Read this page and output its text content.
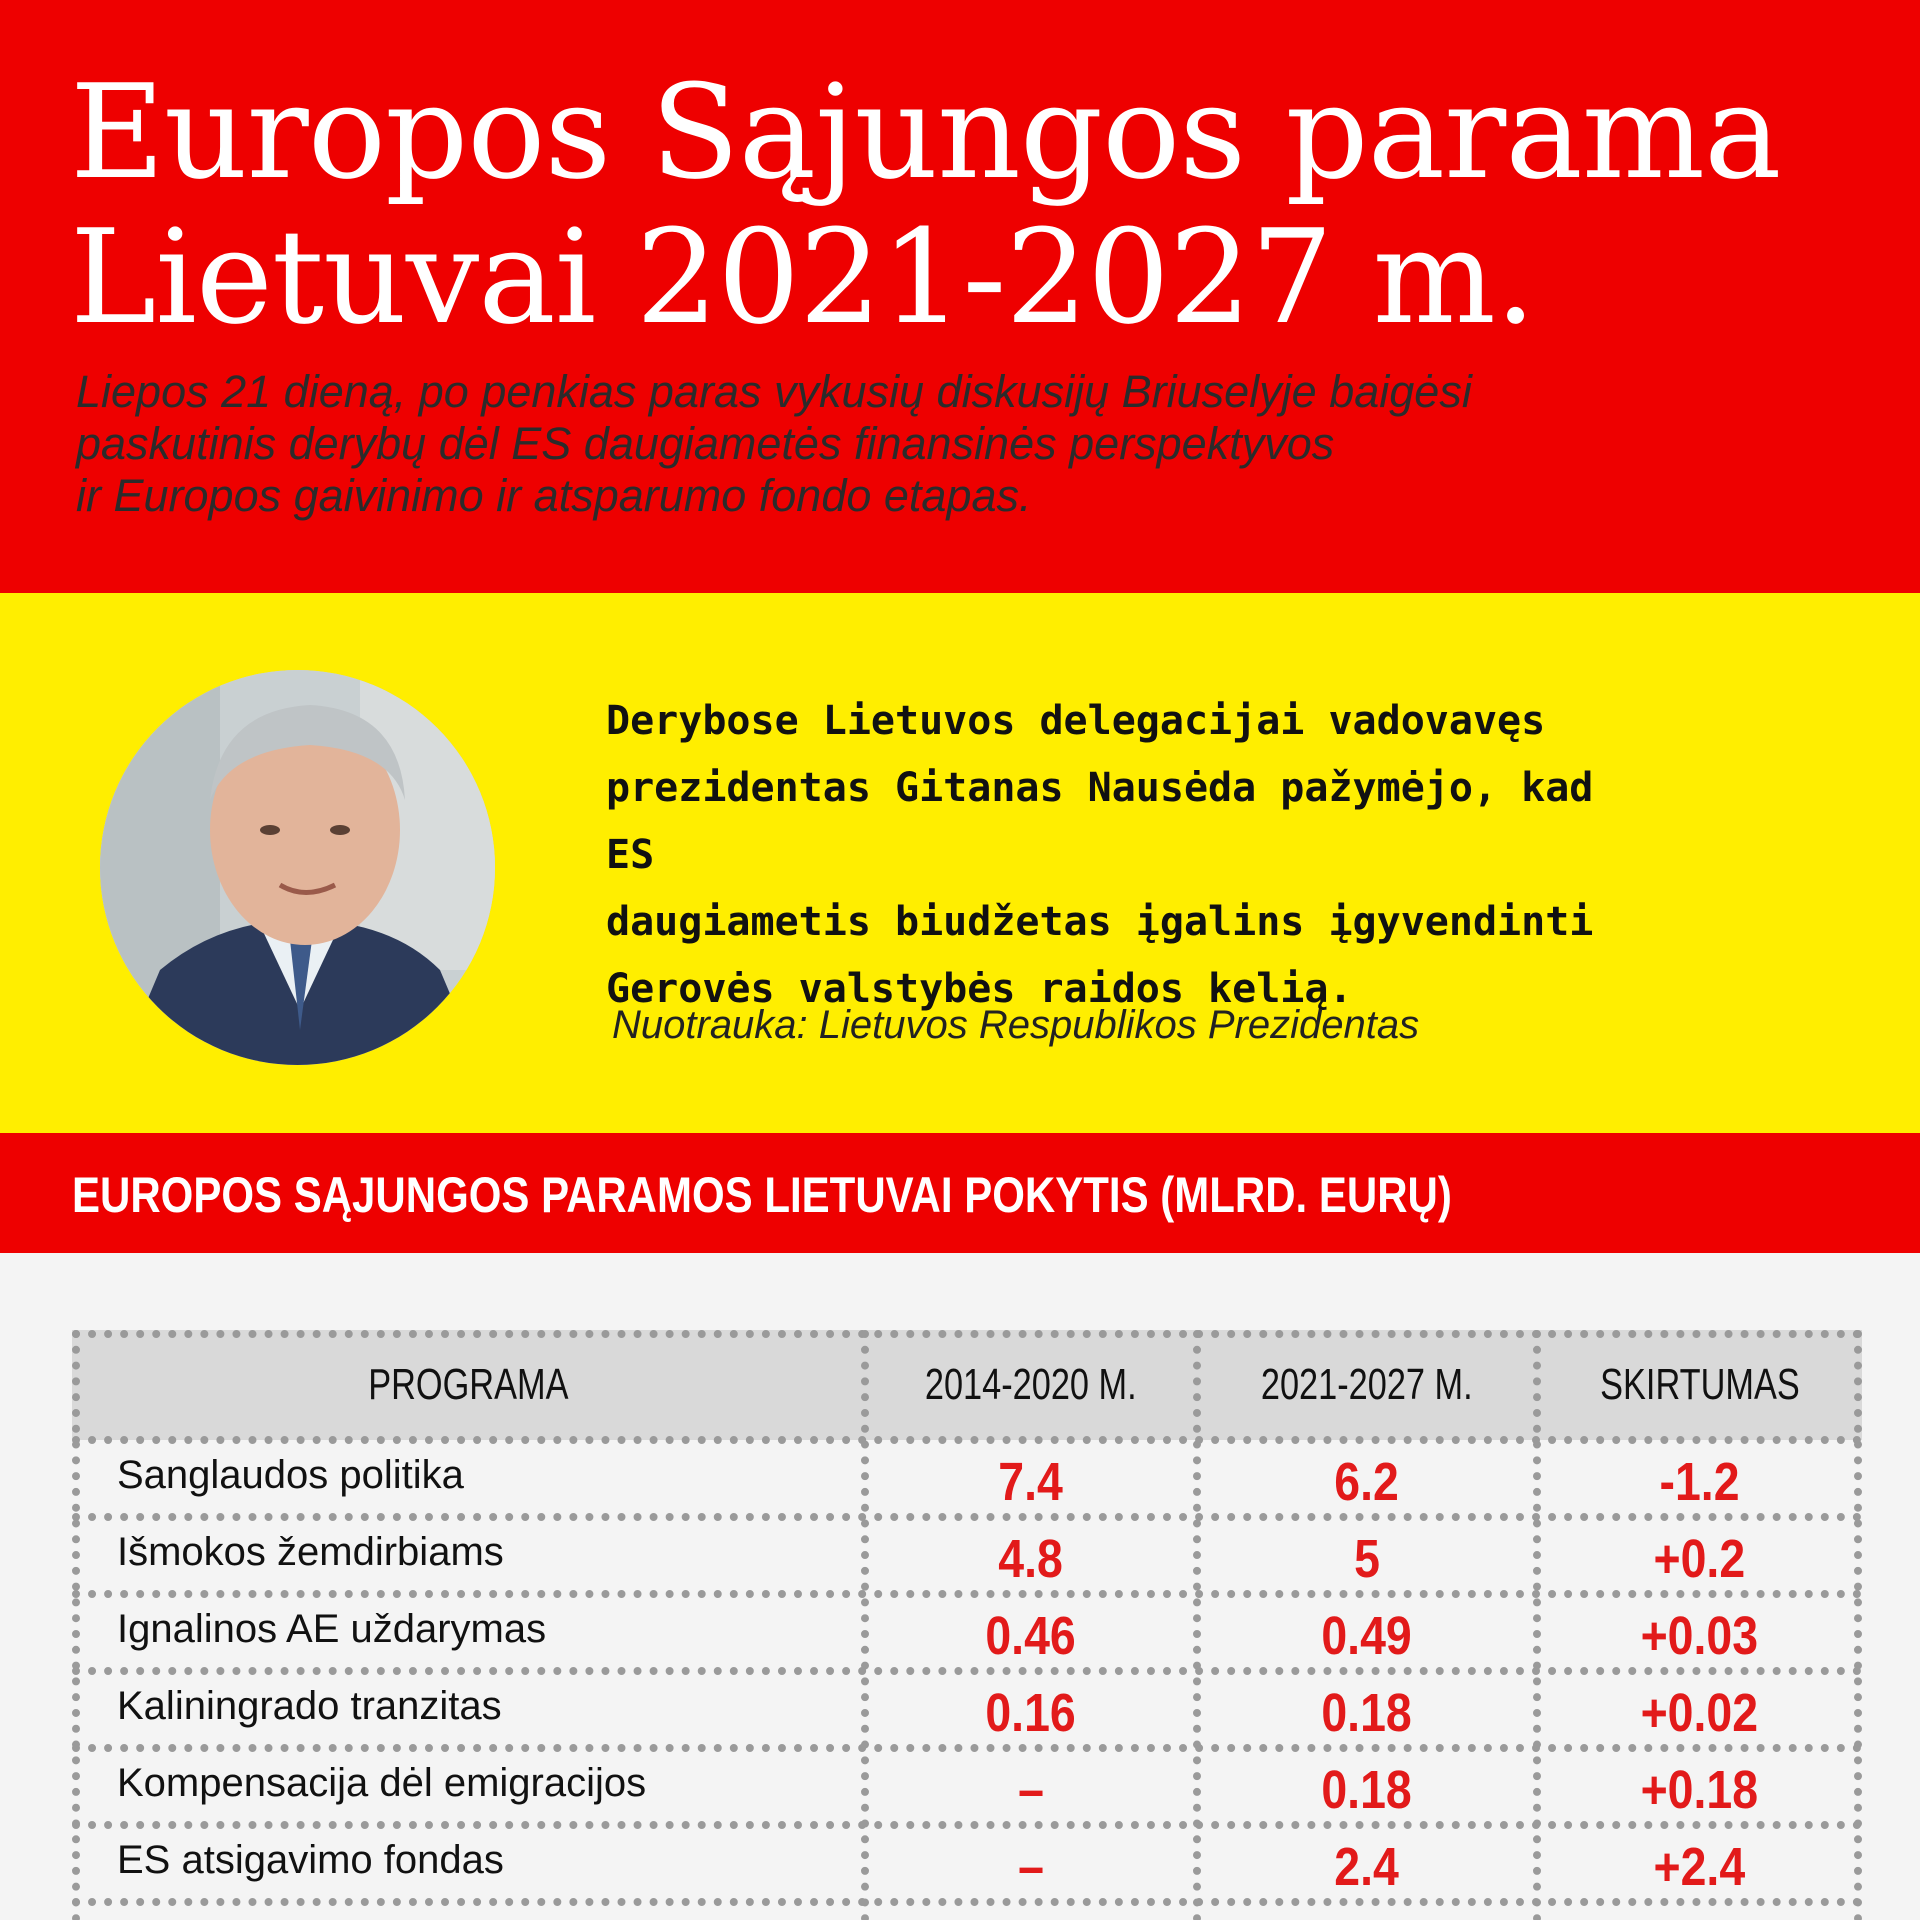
Europos Sąjungos parama
Lietuvai 2021-2027 m.

Liepos 21 dieną, po penkias paras vykusių diskusijų Briuselyje baigėsi
paskutinis derybų dėl ES daugiametės finansinės perspektyvos
ir Europos gaivinimo ir atsparumo fondo etapas.

Derybose Lietuvos delegacijai vadovavęs
prezidentas Gitanas Nausėda pažymėjo, kad ES
daugiametis biudžetas įgalins įgyvendinti
Gerovės valstybės raidos kelią.

Nuotrauka: Lietuvos Respublikos Prezidentas

EUROPOS SĄJUNGOS PARAMOS LIETUVAI POKYTIS (MLRD. EURŲ)
PROGRAMA	2014-2020 M.	2021-2027 M.	SKIRTUMAS
Sanglaudos politika	7.4	6.2	-1.2
Išmokos žemdirbiams	4.8	5	+0.2
Ignalinos AE uždarymas	0.46	0.49	+0.03
Kaliningrado tranzitas	0.16	0.18	+0.02
Kompensacija dėl emigracijos	–	0.18	+0.18
ES atsigavimo fondas	–	2.4	+2.4
